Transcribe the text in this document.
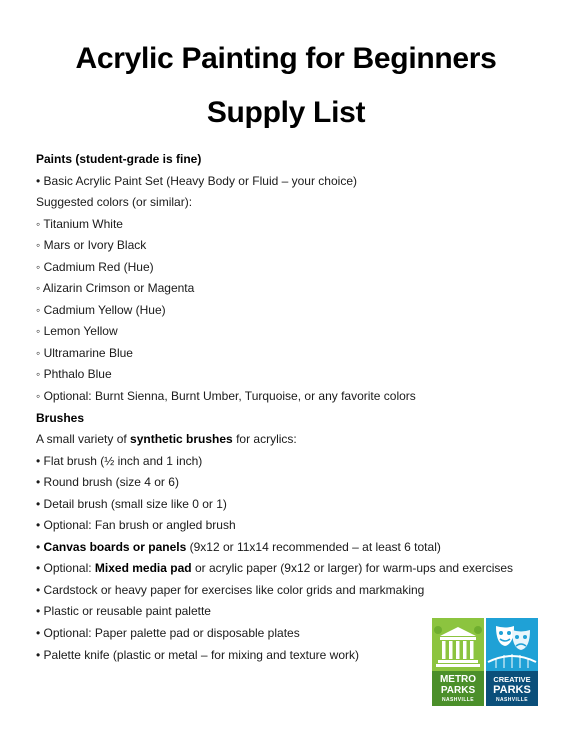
Acrylic Painting for Beginners
Supply List
Paints (student-grade is fine)
• Basic Acrylic Paint Set (Heavy Body or Fluid – your choice)
Suggested colors (or similar):
◦ Titanium White
◦ Mars or Ivory Black
◦ Cadmium Red (Hue)
◦ Alizarin Crimson or Magenta
◦ Cadmium Yellow (Hue)
◦ Lemon Yellow
◦ Ultramarine Blue
◦ Phthalo Blue
◦ Optional: Burnt Sienna, Burnt Umber, Turquoise, or any favorite colors
Brushes
A small variety of synthetic brushes for acrylics:
• Flat brush (½ inch and 1 inch)
• Round brush (size 4 or 6)
• Detail brush (small size like 0 or 1)
• Optional: Fan brush or angled brush
• Canvas boards or panels (9x12 or 11x14 recommended – at least 6 total)
• Optional: Mixed media pad or acrylic paper (9x12 or larger) for warm-ups and exercises
• Cardstock or heavy paper for exercises like color grids and markmaking
• Plastic or reusable paint palette
• Optional: Paper palette pad or disposable plates
• Palette knife (plastic or metal – for mixing and texture work)
METRO
PARKS
NASHVILLE
CREATIVE
PARKS
NASHVILLE
